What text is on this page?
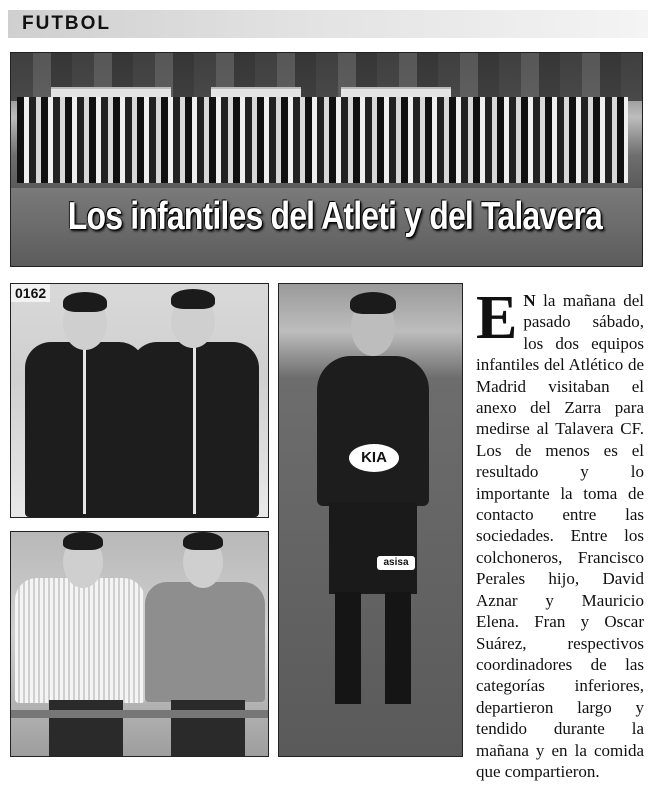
FUTBOL
Los infantiles del Atleti y del Talavera
0162
KIA
asisa
E N la mañana del pasado sábado, los dos equipos infantiles del Atlético de Madrid visitaban el anexo del Zarra para medirse al Talavera CF. Los de menos es el resultado y lo importante la toma de contacto entre las sociedades. Entre los colchoneros, Francisco Perales hijo, David Aznar y Mauricio Elena. Fran y Oscar Suárez, respectivos coordinadores de las categorías inferiores, departieron largo y tendido durante la mañana y en la comida que compartieron.
